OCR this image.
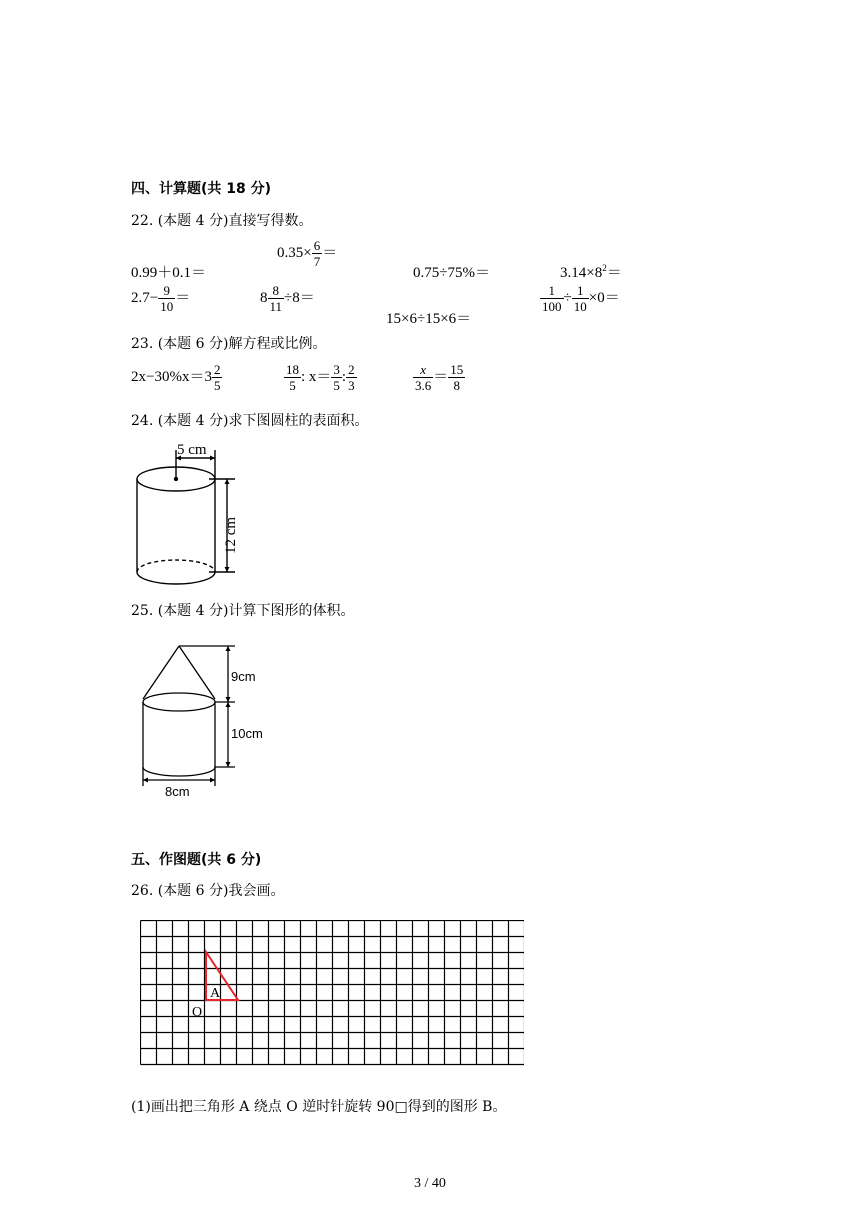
四、计算题(共 18 分)
22. (本题 4 分)直接写得数。
0.99＋0.1＝
$0.35\times \frac{6}{7}$ ＝
0.75÷75%＝	$3.14\times 8^2=$
$2.7- \frac{9}{10}$ ＝	$8 \frac{8}{11} \div 8=$
15×6÷15×6＝
$\frac{1}{100} \div \frac{1}{10} \times 0=$
23. (本题 6 分)解方程或比例。
$2x-30\%x=3 \frac{2}{5}$	$\frac{18}{5}$ : $x= \frac{3}{5}$ : $\frac{2}{3}$	$\frac{x}{3.6} = \frac{15}{8}$
24. (本题 4 分)求下图圆柱的表面积。
5 cm
12 cm
25. (本题 4 分)计算下图形的体积。
9cm
10cm
8cm
五、作图题(共 6 分)
26. (本题 6 分)我会画。
A
O
(1)画出把三角形 A 绕点 O 逆时针旋转 90□得到的图形 B。
3 / 40
